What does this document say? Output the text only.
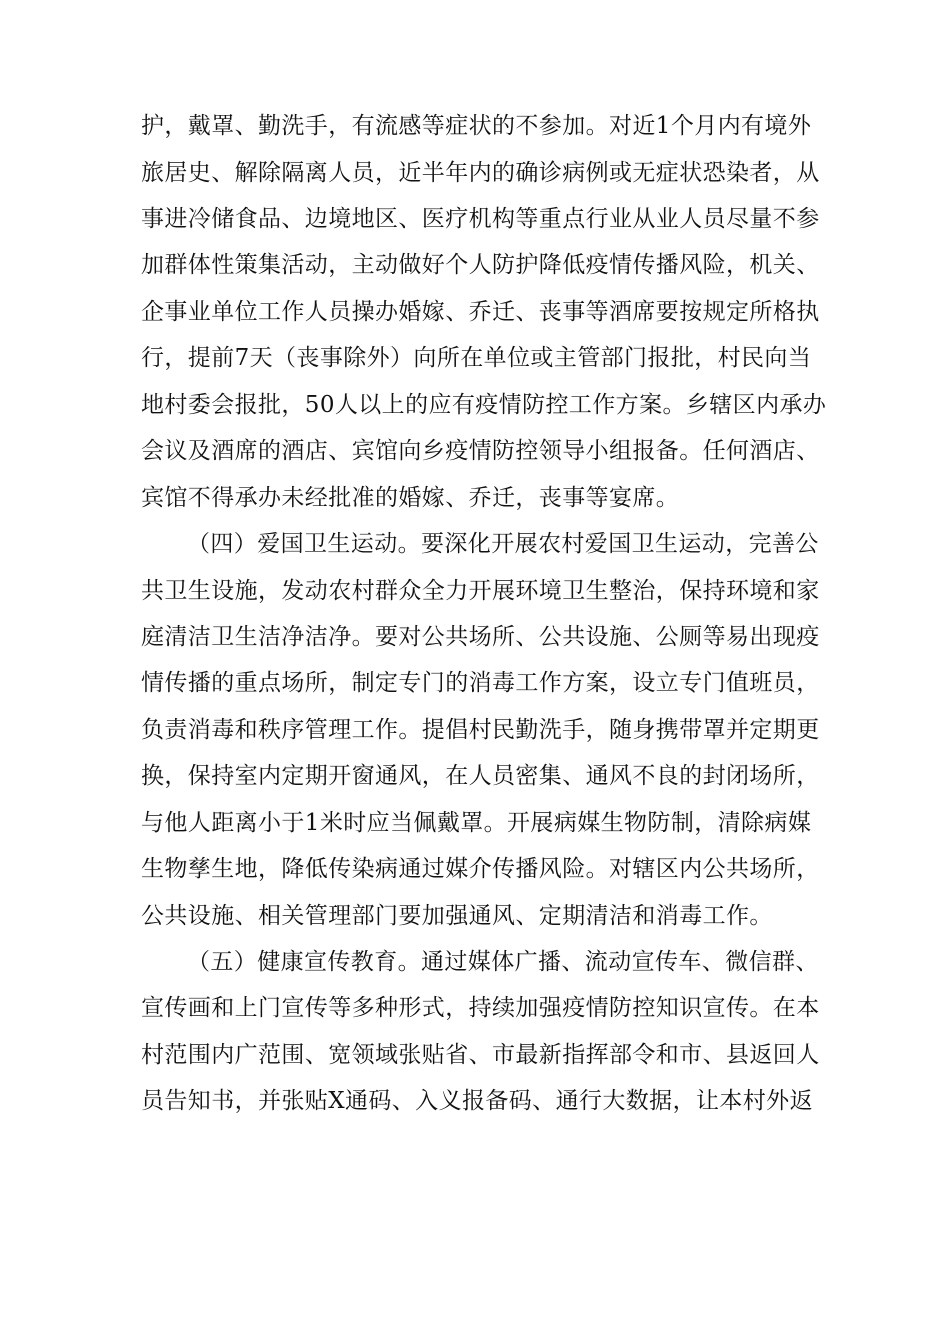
护，戴罩、勤洗手，有流感等症状的不参加。对近1个月内有境外
旅居史、解除隔离人员，近半年内的确诊病例或无症状恐染者，从
事进冷储食品、边境地区、医疗机构等重点行业从业人员尽量不参
加群体性策集活动，主动做好个人防护降低疫情传播风险，机关、
企事业单位工作人员操办婚嫁、乔迁、丧事等酒席要按规定所格执
行，提前7天（丧事除外）向所在单位或主管部门报批，村民向当
地村委会报批，50人以上的应有疫情防控工作方案。乡辖区内承办
会议及酒席的酒店、宾馆向乡疫情防控领导小组报备。任何酒店、
宾馆不得承办未经批准的婚嫁、乔迁，丧事等宴席。
（四）爱国卫生运动。要深化开展农村爱国卫生运动，完善公
共卫生设施，发动农村群众全力开展环境卫生整治，保持环境和家
庭清洁卫生洁净洁净。要对公共场所、公共设施、公厕等易出现疫
情传播的重点场所，制定专门的消毒工作方案，设立专门值班员，
负责消毒和秩序管理工作。提倡村民勤洗手，随身携带罩并定期更
换，保持室内定期开窗通风，在人员密集、通风不良的封闭场所，
与他人距离小于1米时应当佩戴罩。开展病媒生物防制，清除病媒
生物孳生地，降低传染病通过媒介传播风险。对辖区内公共场所，
公共设施、相关管理部门要加强通风、定期清洁和消毒工作。
（五）健康宣传教育。通过媒体广播、流动宣传车、微信群、
宣传画和上门宣传等多种形式，持续加强疫情防控知识宣传。在本
村范围内广范围、宽领域张贴省、市最新指挥部令和市、县返回人
员告知书，并张贴X通码、入义报备码、通行大数据，让本村外返
